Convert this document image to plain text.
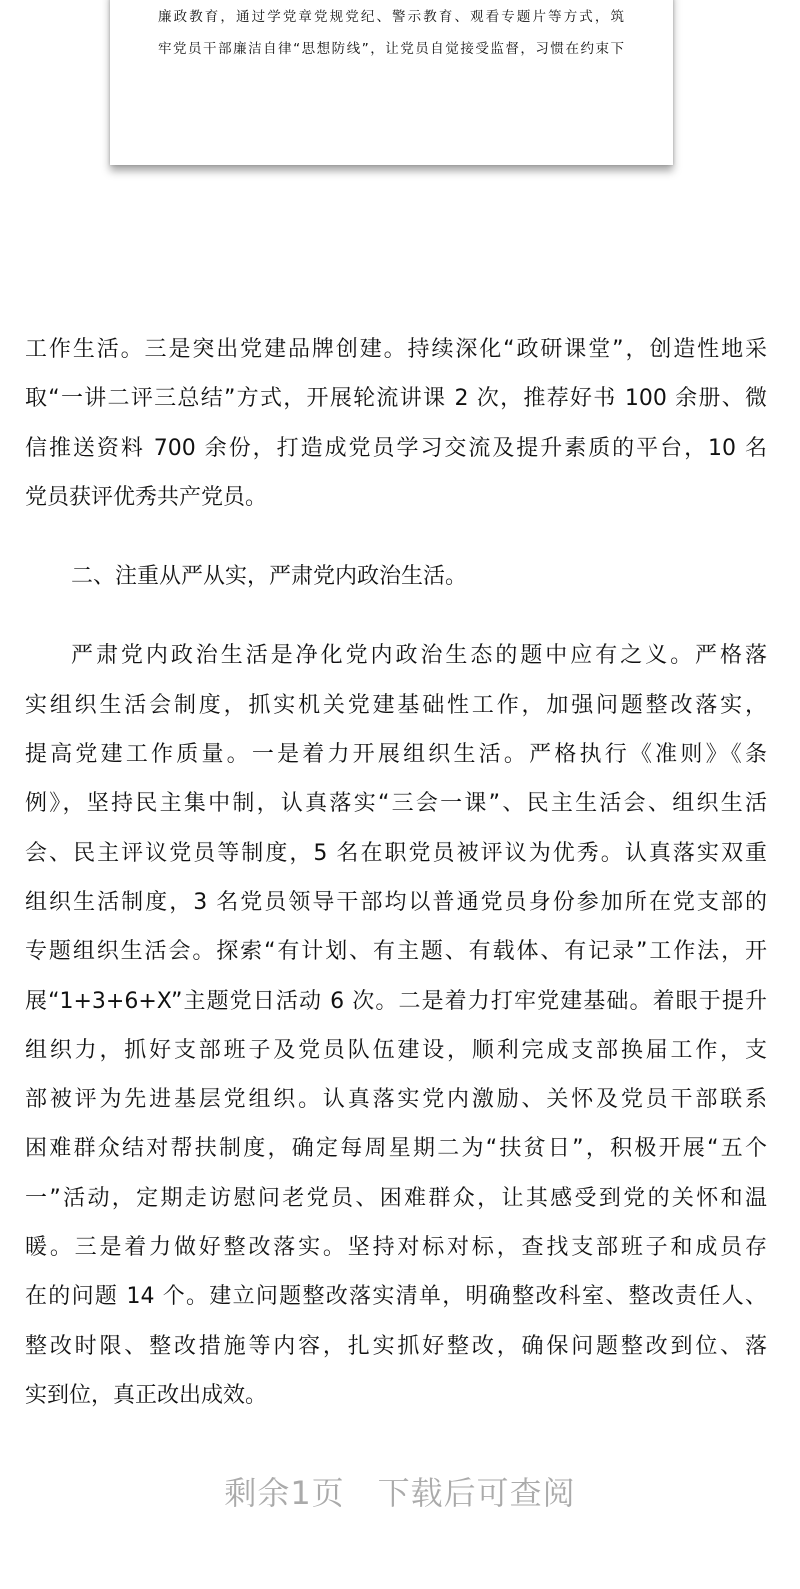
廉政教育，通过学党章党规党纪、警示教育、观看专题片等方式，筑
牢党员干部廉洁自律“思想防线”，让党员自觉接受监督，习惯在约束下
工作生活。三是突出党建品牌创建。持续深化“政研课堂”，创造性地采
取“一讲二评三总结”方式，开展轮流讲课 2 次，推荐好书 100 余册、微
信推送资料 700 余份，打造成党员学习交流及提升素质的平台，10 名
党员获评优秀共产党员。
二、注重从严从实，严肃党内政治生活。
严肃党内政治生活是净化党内政治生态的题中应有之义。严格落
实组织生活会制度，抓实机关党建基础性工作，加强问题整改落实，
提高党建工作质量。一是着力开展组织生活。严格执行《准则》《条
例》，坚持民主集中制，认真落实“三会一课”、民主生活会、组织生活
会、民主评议党员等制度，5 名在职党员被评议为优秀。认真落实双重
组织生活制度，3 名党员领导干部均以普通党员身份参加所在党支部的
专题组织生活会。探索“有计划、有主题、有载体、有记录”工作法，开
展“1+3+6+X”主题党日活动 6 次。二是着力打牢党建基础。着眼于提升
组织力，抓好支部班子及党员队伍建设，顺利完成支部换届工作，支
部被评为先进基层党组织。认真落实党内激励、关怀及党员干部联系
困难群众结对帮扶制度，确定每周星期二为“扶贫日”，积极开展“五个
一”活动，定期走访慰问老党员、困难群众，让其感受到党的关怀和温
暖。三是着力做好整改落实。坚持对标对标，查找支部班子和成员存
在的问题 14 个。建立问题整改落实清单，明确整改科室、整改责任人、
整改时限、整改措施等内容，扎实抓好整改，确保问题整改到位、落
实到位，真正改出成效。
剩余1页　下载后可查阅
